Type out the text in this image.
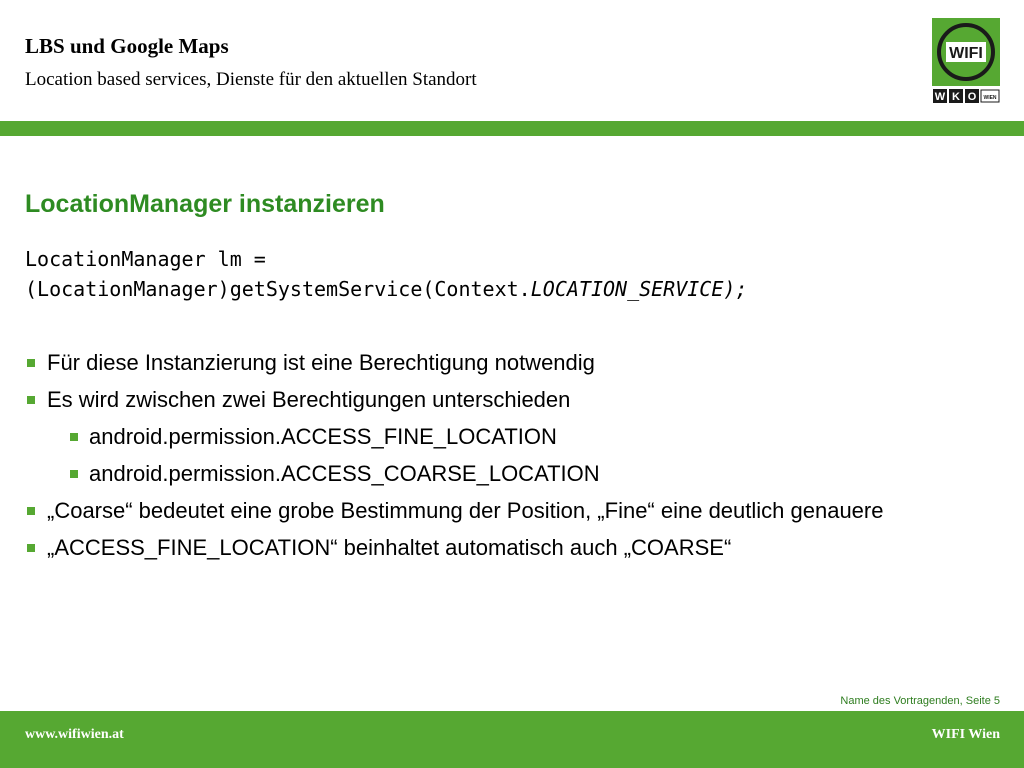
LBS und Google Maps
Location based services, Dienste für den aktuellen Standort
WIFI
W K O WIEN
LocationManager instanzieren
LocationManager lm =
(LocationManager)getSystemService(Context.LOCATION_SERVICE);
Für diese Instanzierung ist eine Berechtigung notwendig
Es wird zwischen zwei Berechtigungen unterschieden
android.permission.ACCESS_FINE_LOCATION
android.permission.ACCESS_COARSE_LOCATION
„Coarse“ bedeutet eine grobe Bestimmung der Position, „Fine“ eine deutlich genauere
„ACCESS_FINE_LOCATION“ beinhaltet automatisch auch „COARSE“
Name des Vortragenden, Seite 5
www.wifiwien.at	WIFI Wien
